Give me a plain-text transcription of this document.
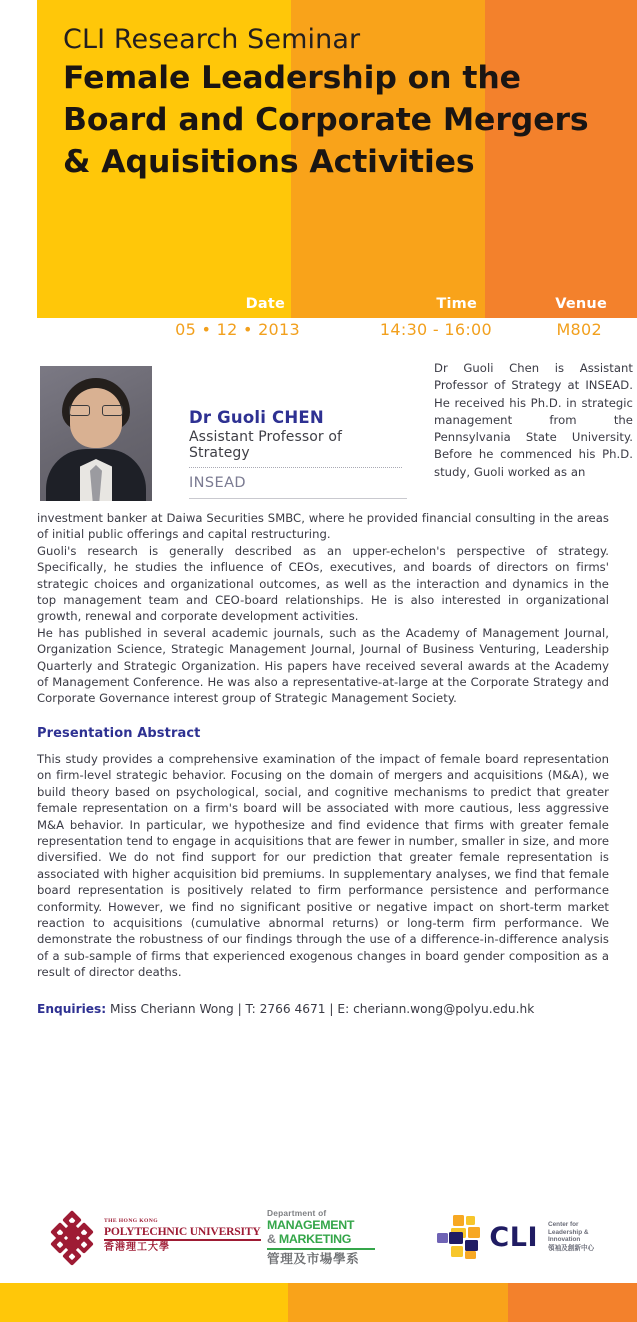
CLI Research Seminar
Female Leadership on the Board and Corporate Mergers & Aquisitions Activities
Date	Time	Venue
05 • 12 • 2013	14:30 - 16:00	M802
Dr Guoli CHEN
Assistant Professor of Strategy
INSEAD

Dr Guoli Chen is Assistant Professor of Strategy at INSEAD. He received his Ph.D. in strategic management from the Pennsylvania State University. Before he commenced his Ph.D. study, Guoli worked as an

investment banker at Daiwa Securities SMBC, where he provided financial consulting in the areas of initial public offerings and capital restructuring.

Guoli's research is generally described as an upper-echelon's perspective of strategy. Specifically, he studies the influence of CEOs, executives, and boards of directors on firms' strategic choices and organizational outcomes, as well as the interaction and dynamics in the top management team and CEO-board relationships. He is also interested in organizational growth, renewal and corporate development activities.

He has published in several academic journals, such as the Academy of Management Journal, Organization Science, Strategic Management Journal, Journal of Business Venturing, Leadership Quarterly and Strategic Organization. His papers have received several awards at the Academy of Management Conference. He was also a representative-at-large at the Corporate Strategy and Corporate Governance interest group of Strategic Management Society.

Presentation Abstract

This study provides a comprehensive examination of the impact of female board representation on firm-level strategic behavior. Focusing on the domain of mergers and acquisitions (M&A), we build theory based on psychological, social, and cognitive mechanisms to predict that greater female representation on a firm's board will be associated with more cautious, less aggressive M&A behavior. In particular, we hypothesize and find evidence that firms with greater female representation tend to engage in acquisitions that are fewer in number, smaller in size, and more diversified. We do not find support for our prediction that greater female representation is associated with higher acquisition bid premiums. In supplementary analyses, we find that female board representation is positively related to firm performance persistence and performance conformity. However, we find no significant positive or negative impact on short-term market reaction to acquisitions (cumulative abnormal returns) or long-term firm performance. We demonstrate the robustness of our findings through the use of a difference-in-difference analysis of a sub-sample of firms that experienced exogenous changes in board gender composition as a result of director deaths.

Enquiries: Miss Cheriann Wong | T: 2766 4671 | E: cheriann.wong@polyu.edu.hk
THE HONG KONG
POLYTECHNIC UNIVERSITY
香港理工大學
Department of
MANAGEMENT
& MARKETING
管理及市場學系
CLI Center for
Leadership & Innovation
領袖及創新中心
